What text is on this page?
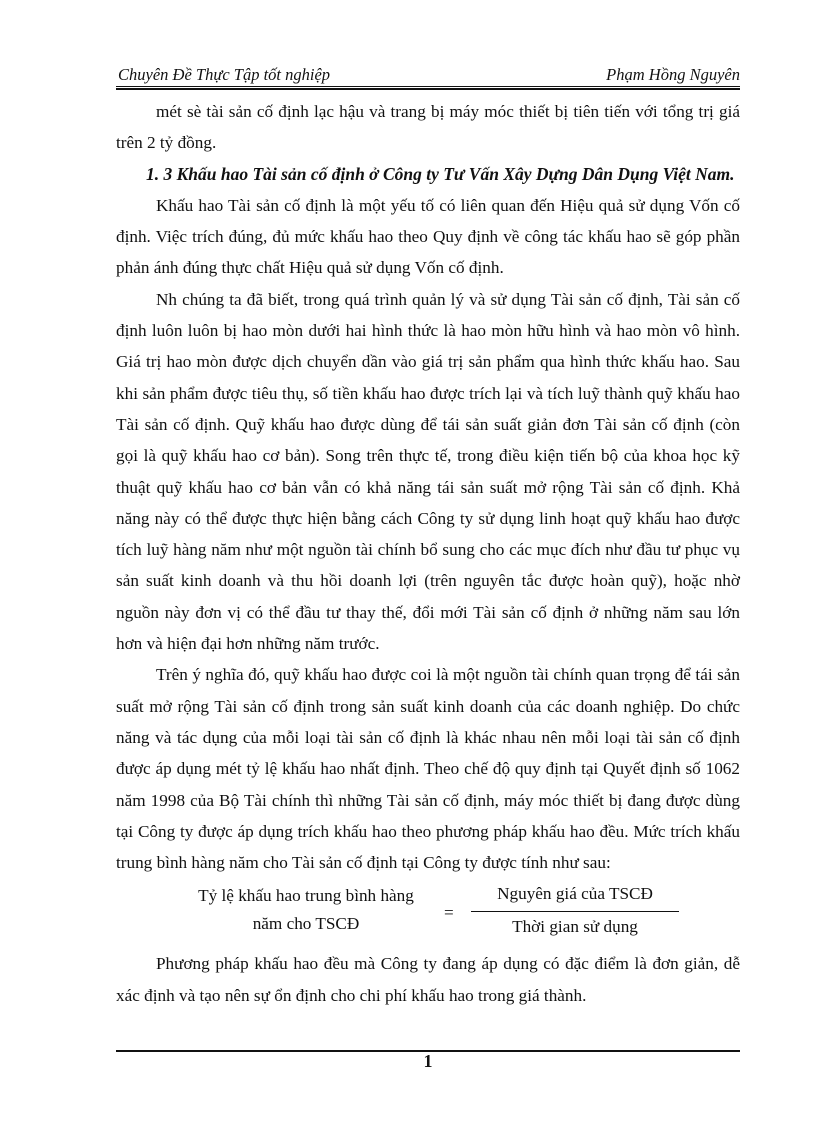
Chuyên Đề Thực Tập tốt nghiệp	Phạm Hồng Nguyên

mét sè tài sản cố định lạc hậu và trang bị máy móc thiết bị tiên tiến với tổng trị giá trên 2 tỷ đồng.

1. 3 Khấu hao Tài sản cố định ở Công ty Tư Vấn Xây Dựng Dân Dụng Việt Nam.

Khấu hao Tài sản cố định là một yếu tố có liên quan đến Hiệu quả sử dụng Vốn cố định. Việc trích đúng, đủ mức khấu hao theo Quy định về công tác khấu hao sẽ góp phần phản ánh đúng thực chất Hiệu quả sử dụng Vốn cố định.

Nh chúng ta đã biết, trong quá trình quản lý và sử dụng Tài sản cố định, Tài sản cố định luôn luôn bị hao mòn dưới hai hình thức là hao mòn hữu hình và hao mòn vô hình. Giá trị hao mòn được dịch chuyển dần vào giá trị sản phẩm qua hình thức khấu hao. Sau khi sản phẩm được tiêu thụ, số tiền khấu hao được trích lại và tích luỹ thành quỹ khấu hao Tài sản cố định. Quỹ khấu hao được dùng để tái sản suất giản đơn Tài sản cố định (còn gọi là quỹ khấu hao cơ bản). Song trên thực tế, trong điều kiện tiến bộ của khoa học kỹ thuật quỹ khấu hao cơ bản vẫn có khả năng tái sản suất mở rộng Tài sản cố định. Khả năng này có thể được thực hiện bằng cách Công ty sử dụng linh hoạt quỹ khấu hao được tích luỹ hàng năm như một nguồn tài chính bổ sung cho các mục đích như đầu tư phục vụ sản suất kinh doanh và thu hồi doanh lợi (trên nguyên tắc được hoàn quỹ), hoặc nhờ nguồn này đơn vị có thể đầu tư thay thế, đổi mới Tài sản cố định ở những năm sau lớn hơn và hiện đại hơn những năm trước.

Trên ý nghĩa đó, quỹ khấu hao được coi là một nguồn tài chính quan trọng để tái sản suất mở rộng Tài sản cố định trong sản suất kinh doanh của các doanh nghiệp. Do chức năng và tác dụng của mỗi loại tài sản cố định là khác nhau nên mỗi loại tài sản cố định được áp dụng mét tỷ lệ khấu hao nhất định. Theo chế độ quy định tại Quyết định số 1062 năm 1998 của Bộ Tài chính thì những Tài sản cố định, máy móc thiết bị đang được dùng tại Công ty được áp dụng trích khấu hao theo phương pháp khấu hao đều. Mức trích khấu trung bình hàng năm cho Tài sản cố định tại Công ty được tính như sau:

Tỷ lệ khấu hao trung bình hàng
năm cho TSCĐ
=
Nguyên giá của TSCĐ
Thời gian sử dụng

Phương pháp khấu hao đều mà Công ty đang áp dụng có đặc điểm là đơn giản, dễ xác định và tạo nên sự ổn định cho chi phí khấu hao trong giá thành.

1
